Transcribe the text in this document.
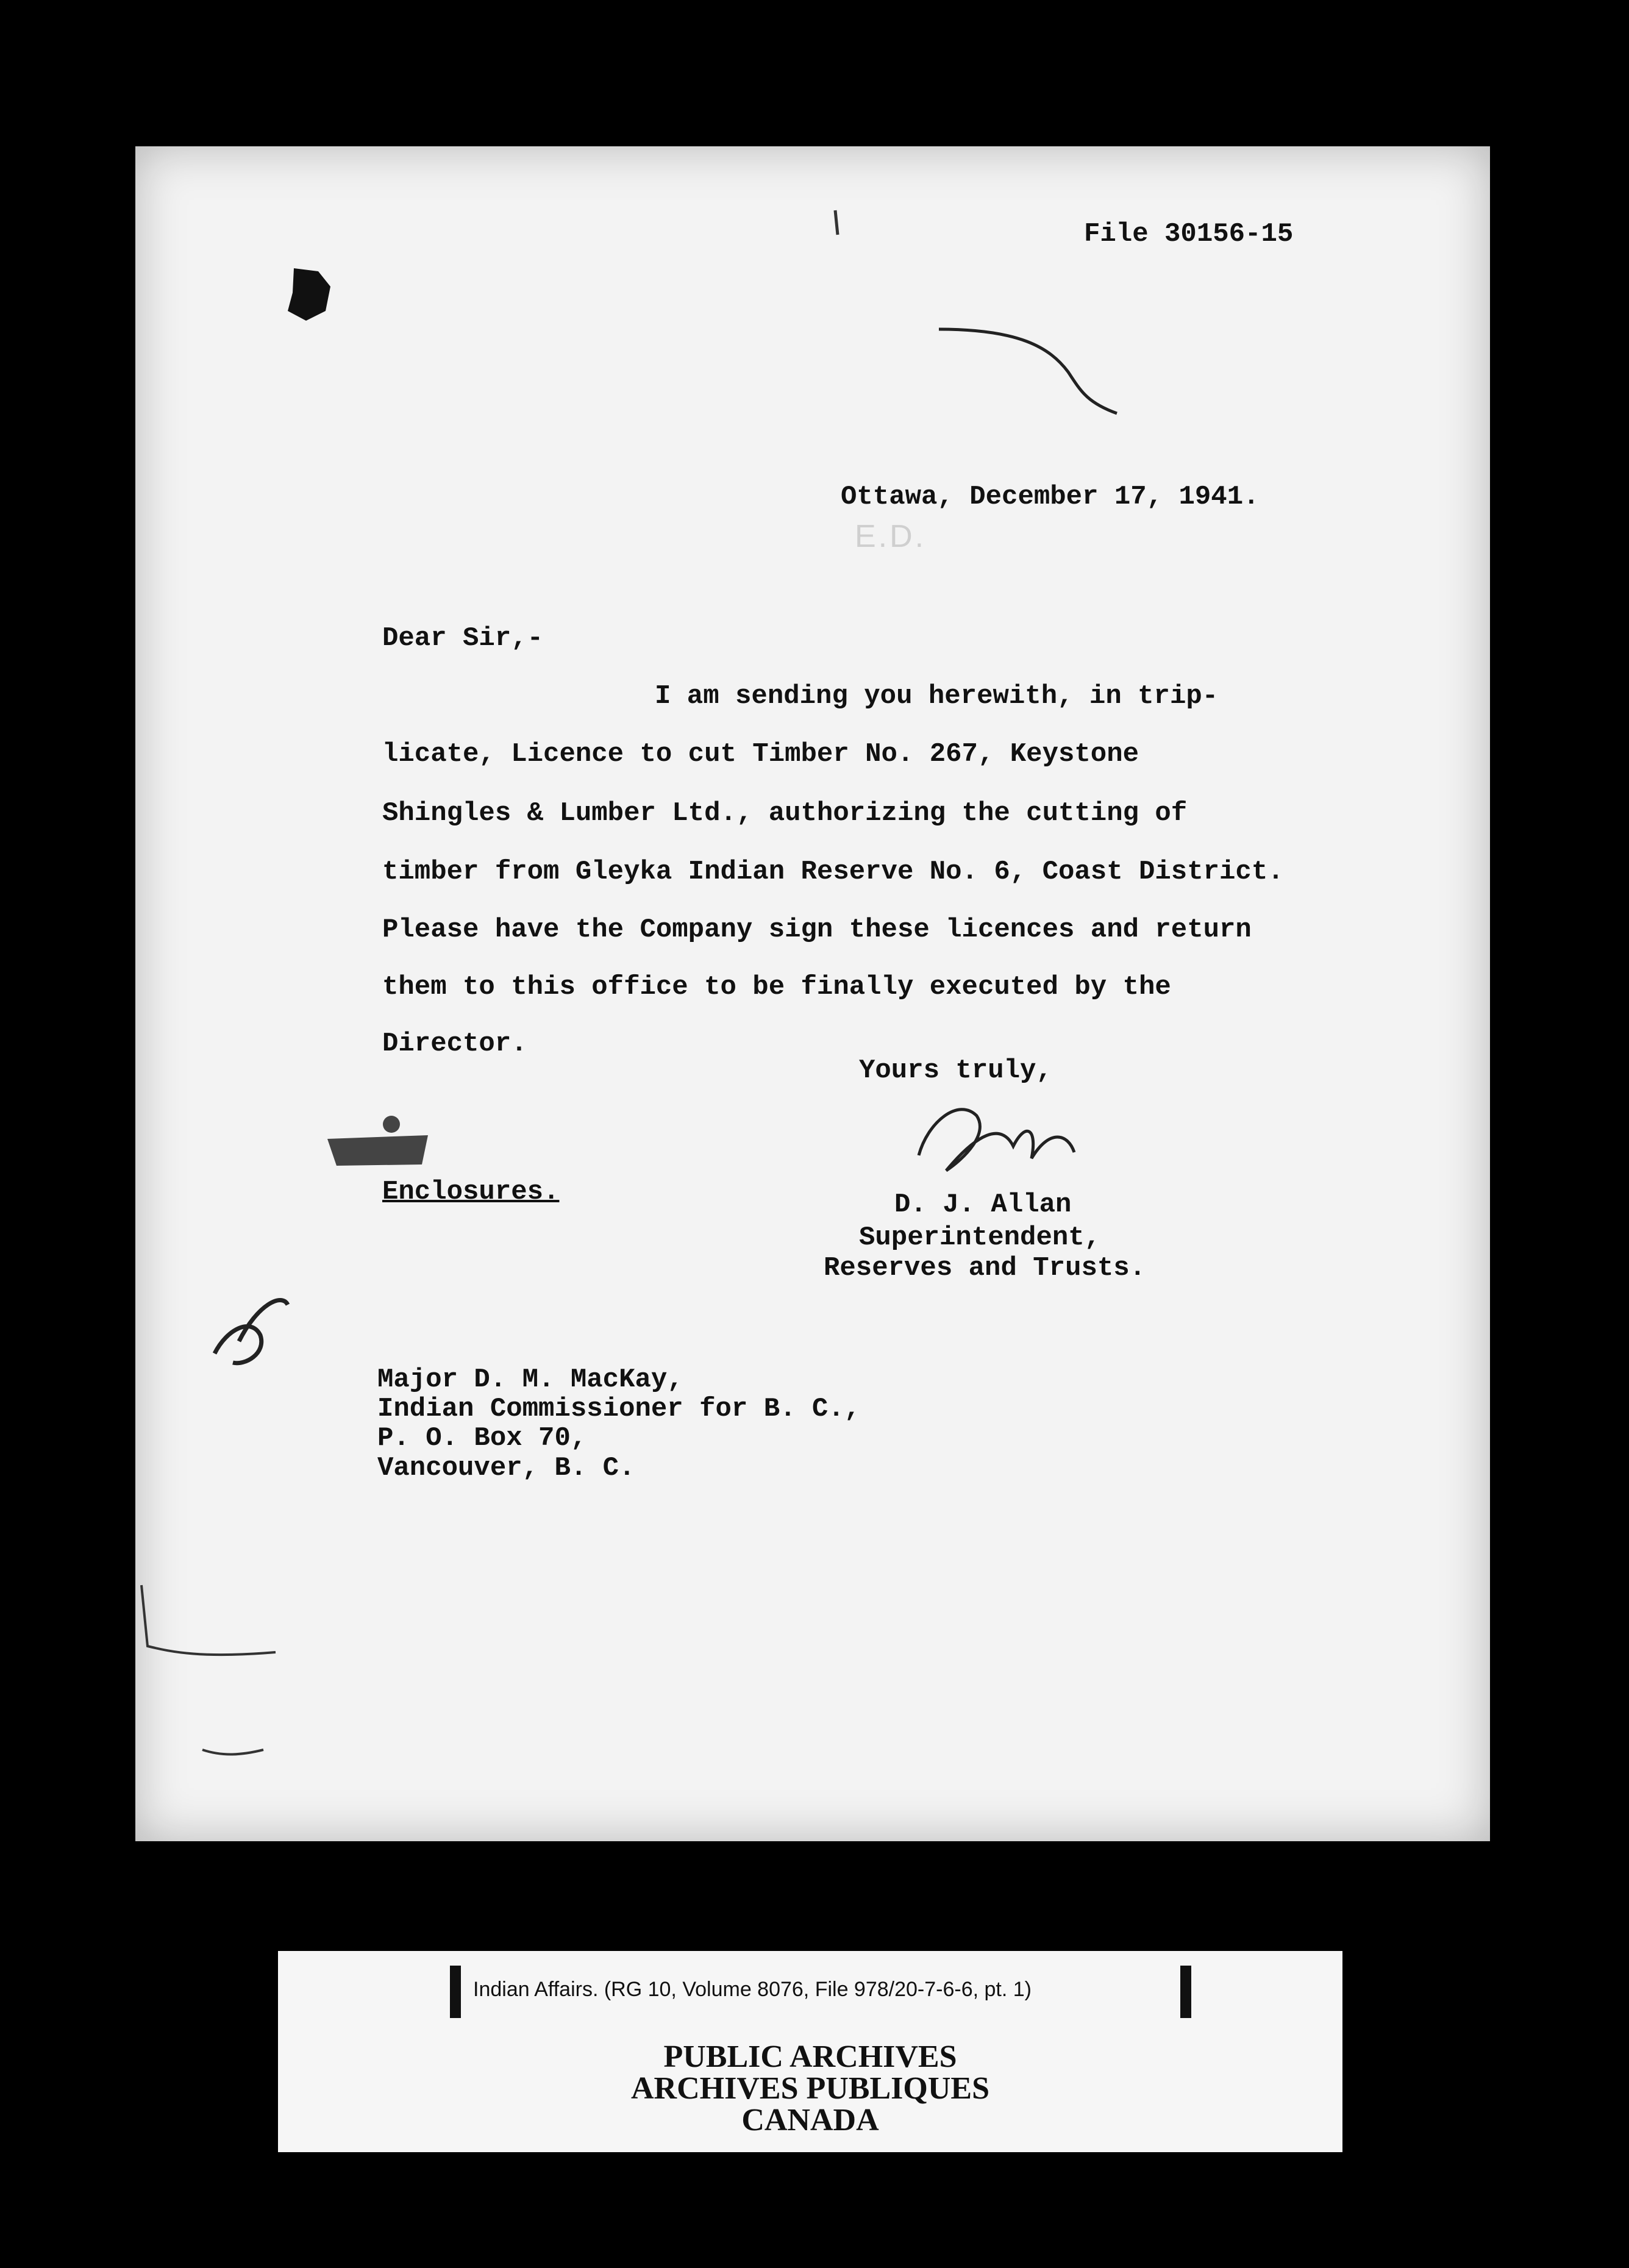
E.D.
File 30156-15
Ottawa, December 17, 1941.
Dear Sir,-
I am sending you herewith, in trip-
licate, Licence to cut Timber No. 267, Keystone
Shingles & Lumber Ltd., authorizing the cutting of
timber from Gleyka Indian Reserve No. 6, Coast District.
Please have the Company sign these licences and return
them to this office to be finally executed by the
Director.
Yours truly,
Enclosures.	D. J. Allan
Superintendent,
Reserves and Trusts.
Major D. M. MacKay,
Indian Commissioner for B. C.,
P. O. Box 70,
Vancouver, B. C.
Indian Affairs. (RG 10, Volume 8076, File 978/20-7-6-6, pt. 1)
PUBLIC ARCHIVES
ARCHIVES PUBLIQUES
CANADA
